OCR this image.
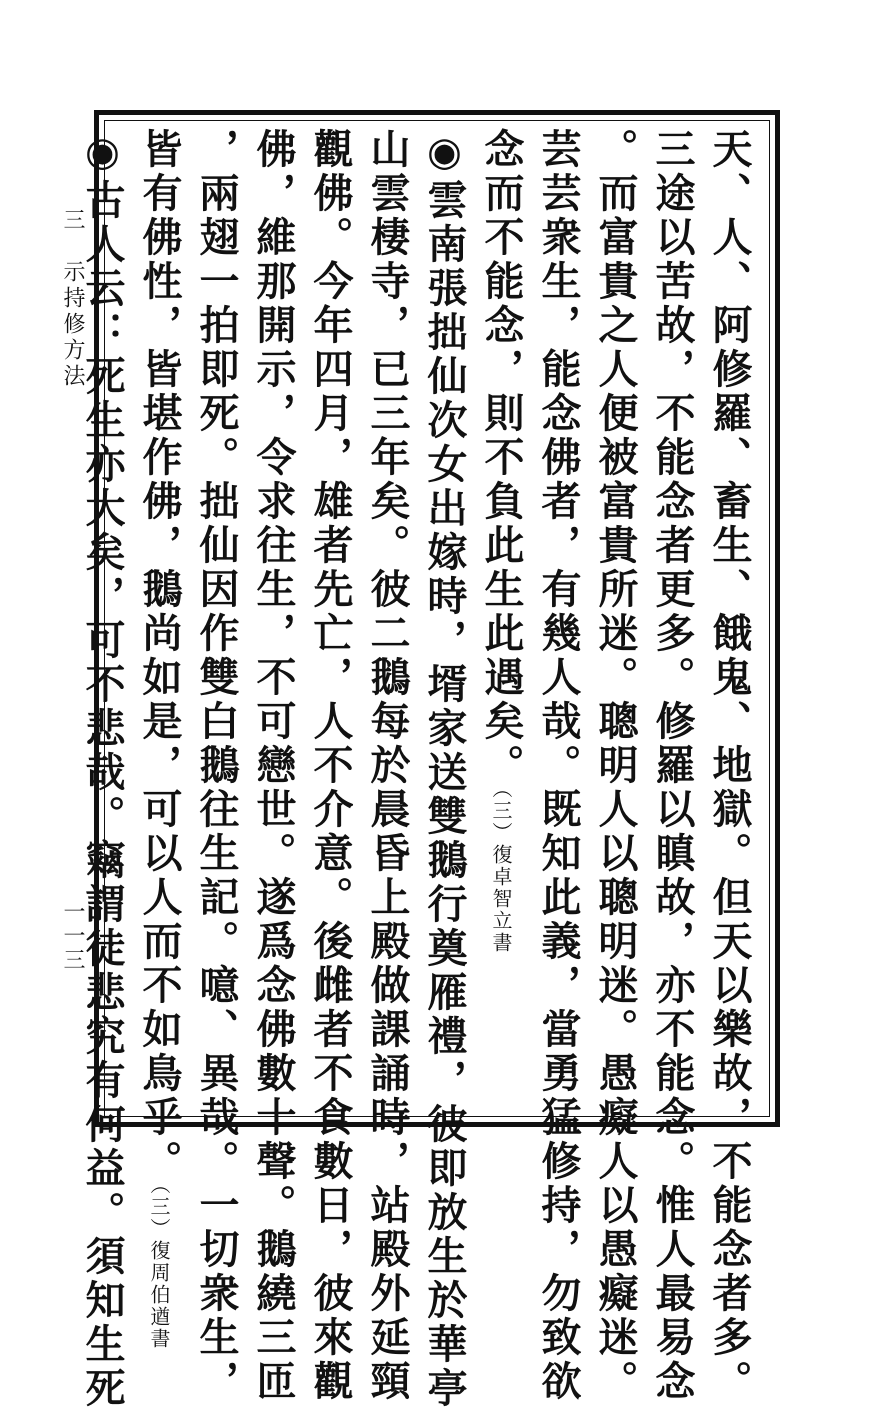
三　示持修方法
一一三	天、人、阿修羅、畜生、餓鬼、地獄。但天以樂故，不能念者多。
三途以苦故，不能念者更多。修羅以瞋故，亦不能念。惟人最易念
。而富貴之人便被富貴所迷。聰明人以聰明迷。愚癡人以愚癡迷。
芸芸衆生，能念佛者，有幾人哉。既知此義，當勇猛修持，勿致欲
念而不能念，則不負此生此遇矣。（三）復卓智立書
◉雲南張拙仙次女出嫁時，壻家送雙鵝行奠雁禮，彼即放生於華亭
山雲棲寺，已三年矣。彼二鵝每於晨昏上殿做課誦時，站殿外延頸
觀佛。今年四月，雄者先亡，人不介意。後雌者不食數日，彼來觀
佛，維那開示，令求往生，不可戀世。遂爲念佛數十聲。鵝繞三匝
，兩翅一拍即死。拙仙因作雙白鵝往生記。噫、異哉。一切衆生，
皆有佛性，皆堪作佛，鵝尚如是，可以人而不如鳥乎。（三）復周伯遒書
◉古人云：死生亦大矣，可不悲哉。竊謂徒悲究有何益。須知生死
